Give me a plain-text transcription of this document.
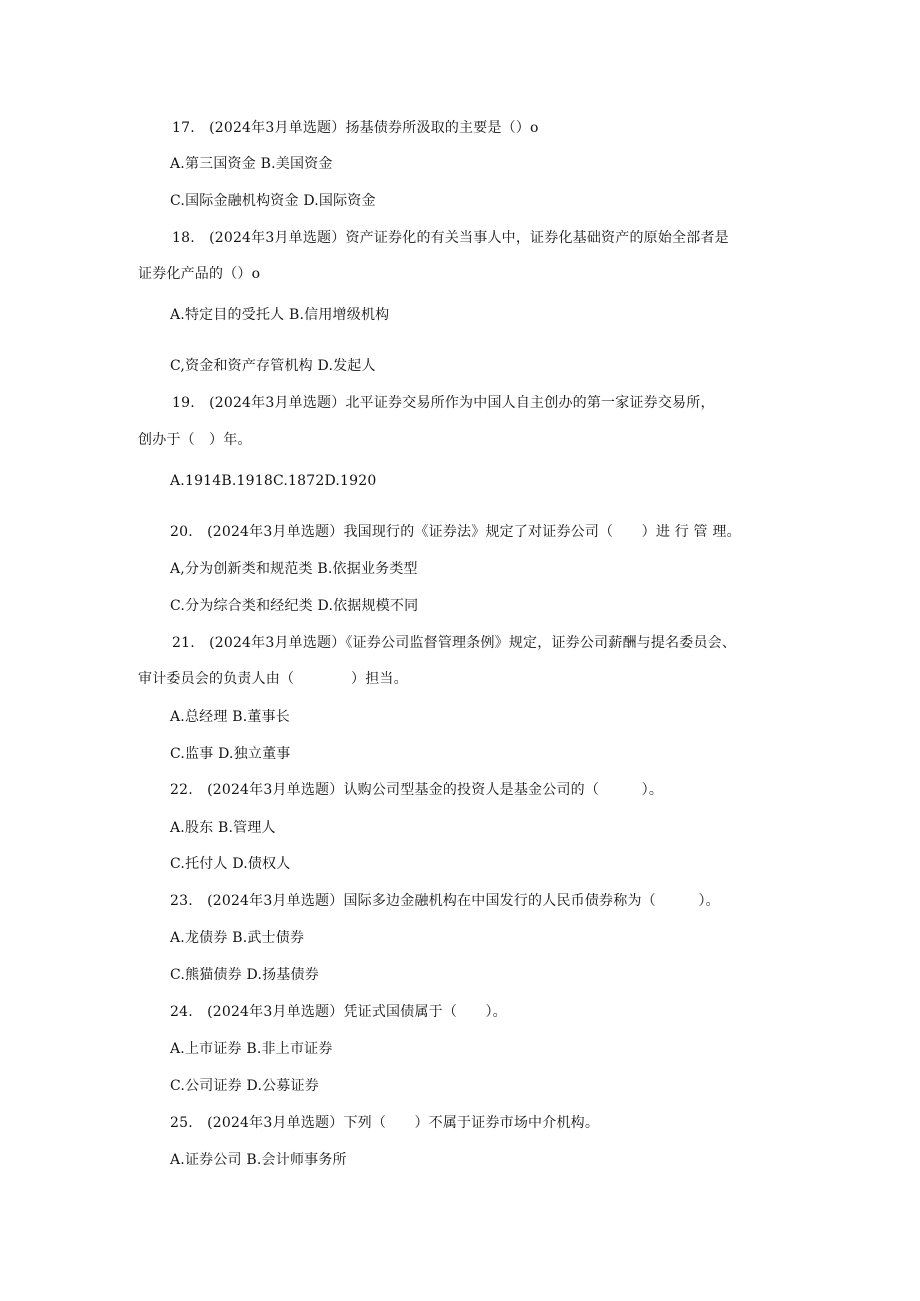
17.　(2024年3月单选题）扬基债券所汲取的主要是（）o
A.第三国资金 B.美国资金
C.国际金融机构资金 D.国际资金
18.　(2024年3月单选题）资产证券化的有关当事人中，证券化基础资产的原始全部者是
证券化产品的（）o
A.特定目的受托人 B.信用增级机构
C,资金和资产存管机构 D.发起人
19.　(2024年3月单选题）北平证券交易所作为中国人自主创办的第一家证券交易所，
创办于（　）年。
A.1914B.1918C.1872D.1920
20.　(2024年3月单选题）我国现行的《证券法》规定了对证券公司（　　）进 行 管 理。
A,分为创新类和规范类 B.依据业务类型
C.分为综合类和经纪类 D.依据规模不同
21.　(2024年3月单选题）《证券公司监督管理条例》规定，证券公司薪酬与提名委员会、
审计委员会的负责人由（　　　　）担当。
A.总经理 B.董事长
C.监事 D.独立董事
22.　(2024年3月单选题）认购公司型基金的投资人是基金公司的（　　　）。
A.股东 B.管理人
C.托付人 D.债权人
23.　(2024年3月单选题）国际多边金融机构在中国发行的人民币债券称为（　　　）。
A.龙债券 B.武士债券
C.熊猫债券 D.扬基债券
24.　(2024年3月单选题）凭证式国债属于（　　）。
A.上市证券 B.非上市证券
C.公司证券 D.公募证券
25.　(2024年3月单选题）下列（　　）不属于证券市场中介机构。
A.证券公司 B.会计师事务所
